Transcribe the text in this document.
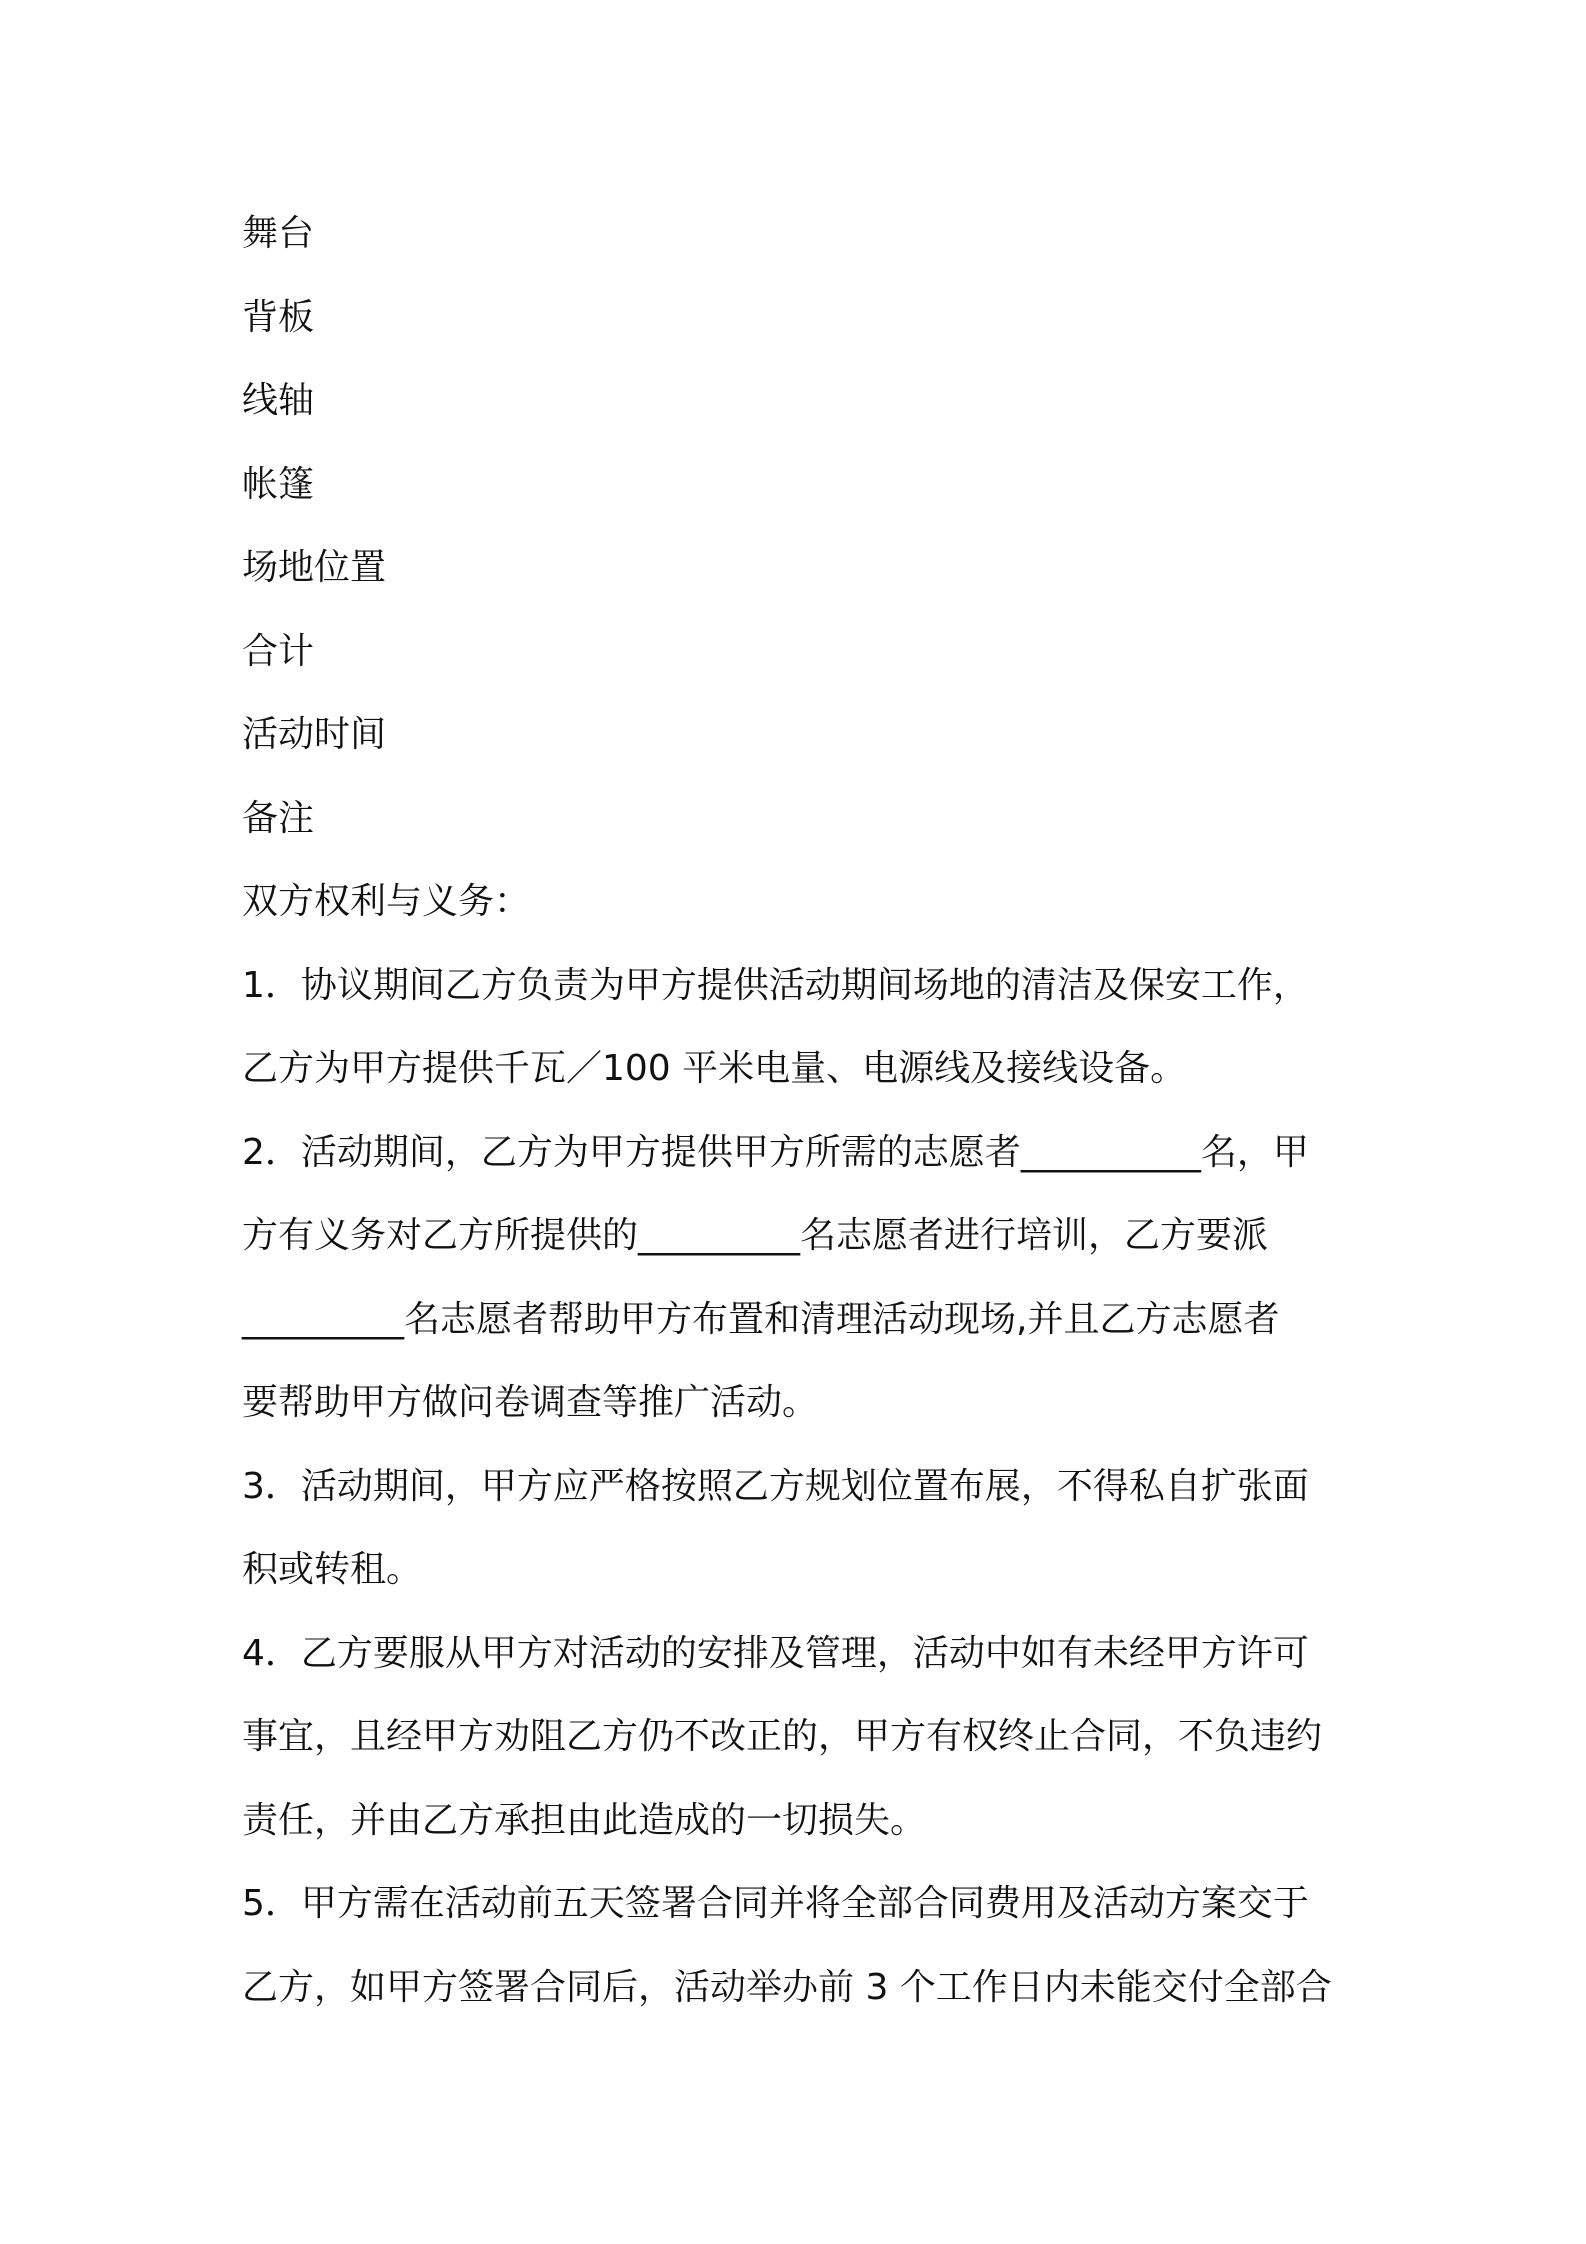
舞台

背板

线轴

帐篷

场地位置

合计

活动时间

备注

双方权利与义务：

1．协议期间乙方负责为甲方提供活动期间场地的清洁及保安工作，
乙方为甲方提供千瓦／100 平米电量、电源线及接线设备。
2．活动期间，乙方为甲方提供甲方所需的志愿者__________名，甲
方有义务对乙方所提供的_________名志愿者进行培训，乙方要派
_________名志愿者帮助甲方布置和清理活动现场,并且乙方志愿者
要帮助甲方做问卷调查等推广活动。
3．活动期间，甲方应严格按照乙方规划位置布展，不得私自扩张面
积或转租。
4．乙方要服从甲方对活动的安排及管理，活动中如有未经甲方许可
事宜，且经甲方劝阻乙方仍不改正的，甲方有权终止合同，不负违约
责任，并由乙方承担由此造成的一切损失。
5．甲方需在活动前五天签署合同并将全部合同费用及活动方案交于
乙方，如甲方签署合同后，活动举办前 3 个工作日内未能交付全部合
